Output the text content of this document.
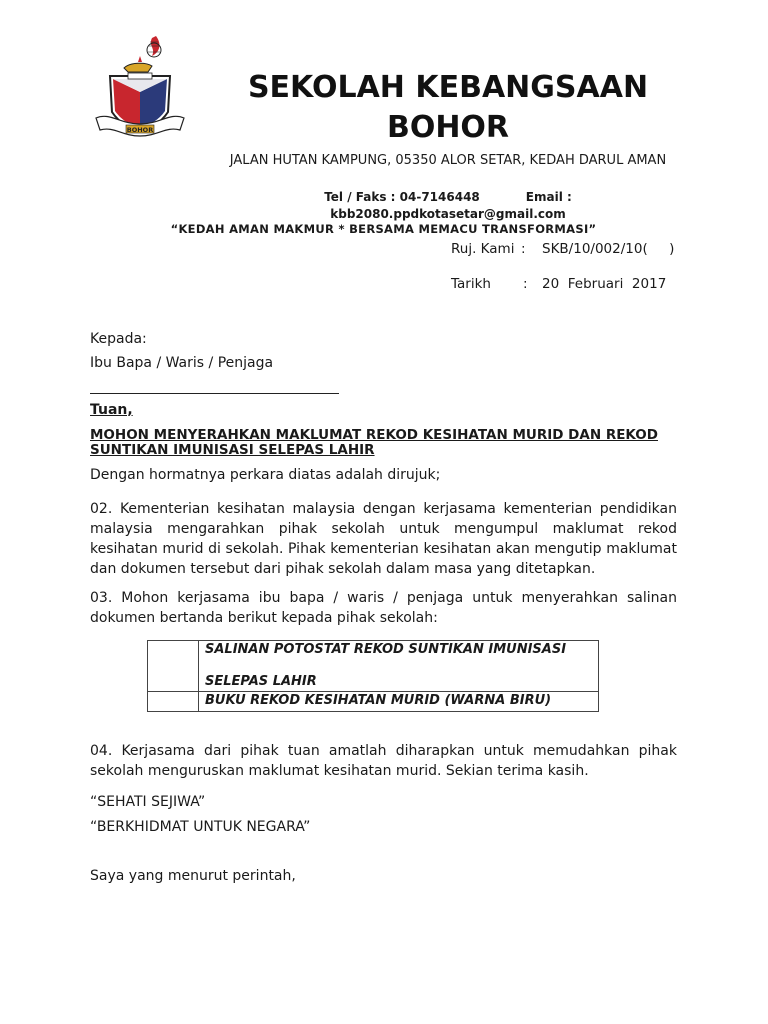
BOHOR
SEKOLAH KEBANGSAAN BOHOR
JALAN HUTAN KAMPUNG, 05350 ALOR SETAR, KEDAH DARUL AMAN
Tel / Faks : 04-7146448	Email :
kbb2080.ppdkotasetar@gmail.com
“KEDAH AMAN MAKMUR * BERSAMA MEMACU TRANSFORMASI”
Ruj. Kami : SKB/10/002/10(     )
Tarikh : 20  Februari  2017
Kepada:
Ibu Bapa / Waris / Penjaga
Tuan,
MOHON MENYERAHKAN MAKLUMAT REKOD KESIHATAN MURID DAN REKOD SUNTIKAN IMUNISASI SELEPAS LAHIR
Dengan hormatnya perkara diatas adalah dirujuk;
02. Kementerian kesihatan malaysia dengan kerjasama kementerian pendidikan malaysia mengarahkan pihak sekolah untuk mengumpul maklumat rekod kesihatan murid di sekolah. Pihak kementerian kesihatan akan mengutip maklumat dan dokumen tersebut dari pihak sekolah dalam masa yang ditetapkan.
03. Mohon kerjasama ibu bapa / waris / penjaga untuk menyerahkan salinan dokumen bertanda berikut kepada pihak sekolah:

	SALINAN POTOSTAT REKOD SUNTIKAN IMUNISASI
SELEPAS LAHIR

	BUKU REKOD KESIHATAN MURID (WARNA BIRU)
04. Kerjasama dari pihak tuan amatlah diharapkan untuk memudahkan pihak sekolah menguruskan maklumat kesihatan murid. Sekian terima kasih.
“SEHATI SEJIWA”
“BERKHIDMAT UNTUK NEGARA”
Saya yang menurut perintah,
